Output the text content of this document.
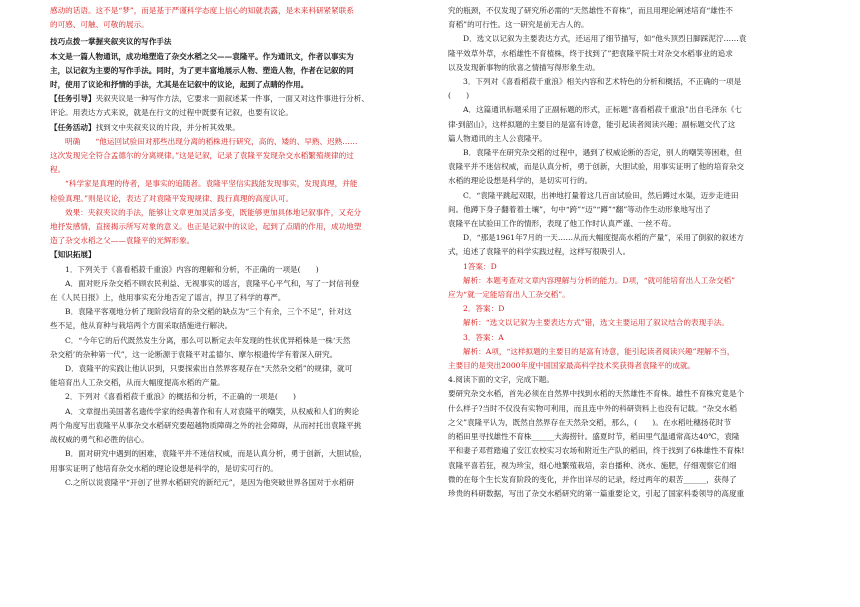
感动的话语。这不是“梦”，而是基于严谨科学态度上信心的知就表露，是未来科研紧紧联系

的可感、可触、可敬的展示。

技巧点拨一掌握夹叙夹议的写作手法

本文是一篇人物通讯，成功地塑造了杂交水稻之父——袁隆平。作为通讯文，作者以事实为

主，以记叙为主要的写作手法。同时，为了更丰富地展示人物、塑造人物，作者在记叙的同

时，使用了议论和抒情的手法，尤其是在记叙中的议论，起到了点睛的作用。

【任务引导】夹叙夹议是一种写作方法，它要求一面叙述某一件事，一面又对这件事进行分析、

评论。用表达方式来说，就是在行文的过程中既要有记叙，也要有议论。

【任务活动】找到文中夹叙夹议的片段，并分析其效果。

明确　　“他运回试验田对那些出现分离的稻株进行研究，高的、矮的、早熟、迟熟……

这次发现完全符合孟德尔的分离规律。”这是记叙，记录了袁隆平发现杂交水稻繁殖规律的过

程。

“科学家是真理的侍者，是事实的追随者。袁隆平坚信实践能发现事实，发现真理，并能

检验真理。”则是议论，表达了对袁隆平发现规律、践行真理的高度认可。

效果：夹叙夹议的手法，能够让文章更加灵活多变，既能够更加具体地记叙事件，又充分

地抒发感情，直接揭示所写对象的意义。也正是记叙中的议论，起到了点睛的作用，成功地塑

造了杂交水稻之父——袁隆平的光辉形象。

【知识拓展】

1．下列关于《喜看稻菽千重浪》内容的理解和分析，不正确的一项是(　　)

A．面对贬斥杂交稻不顾农民利益、无视事实的谣言，袁隆平心平气和，写了一封信刊登

在《人民日报》上，他用事实充分地否定了谣言，捍卫了科学的尊严。

B．袁隆平客观地分析了现阶段培育的杂交稻的缺点为“三个有余，三个不足”，针对这

些不足，他从育种与栽培两个方面采取措施进行解决。

C．“今年它的后代既然发生分离，那么可以断定去年发现的性状优异稻株是一株‘天然

杂交稻’的杂种第一代”，这一论断源于袁隆平对孟德尔、摩尔根遗传学有着深入研究。

D．袁隆平的实践让他认识到，只要探索出自然界客观存在“天然杂交稻”的规律，就可

能培育出人工杂交稻，从而大幅度提高水稻的产量。

2．下列对《喜看稻菽千重浪》的概括和分析，不正确的一项是(　　)

A．文章提出美国著名遗传学家的经典著作和有人对袁隆平的嘲笑，从权威和人们的舆论

两个角度写出袁隆平从事杂交水稻研究要超越物质障碍之外的社会障碍，从而衬托出袁隆平挑

战权威的勇气和必胜的信心。

B．面对研究中遇到的困难，袁隆平并不迷信权威，而是认真分析，勇于创新，大胆试验，

用事实证明了他培育杂交水稻的理论设想是科学的，是切实可行的。

C.之所以说袁隆平“开创了世界水稻研究的新纪元”，是因为他突破世界各国对于水稻研

究的瓶颈，不仅发现了研究所必需的“天然雄性不育株”，而且用理论阐述培育“雄性不

育稻”的可行性。这一研究是前无古人的。

D．选文以记叙为主要表达方式，还运用了细节描写，如“他头顶烈日脚踩泥泞……袁

隆平效草外草，水稻雄性不育植株，终于找到了”把袁隆平院士对杂交水稻事业的追求

以及发现新事物的欣喜之情描写得形象生动。

3．下列对《喜看稻菽千重浪》相关内容和艺术特色的分析和概括，不正确的一项是

(　　)

A．这篇通讯标题采用了正副标题的形式，正标题“喜看稻菽千重浪”出自毛泽东《七

律·到韶山》，这样拟题的主要目的是富有诗意，能引起读者阅读兴趣；副标题交代了这

篇人物通讯的主人公袁隆平。

B．袁隆平在研究杂交稻的过程中，遇到了权威论断的否定，别人的嘲笑等困难，但

袁隆平并不迷信权威，而是认真分析，勇于创新，大胆试验，用事实证明了他的培育杂交

水稻的理论设想是科学的，是切实可行的。

C．“袁隆平跳起双眼，出神地打量着这几百亩试验田，然后蹲过水渠，迈步走进田

间。他蹲下身子翻着着土壤”，句中“跨”“迈”“蹲”“翻”等动作生动形象地写出了

袁隆平在试验田工作的情形，表现了他工作时认真严谨、一丝不苟。

D．“那是1961年7月的一天……从而大幅度提高水稻的产量”，采用了倒叙的叙述方

式，追述了袁隆平的科学实践过程，这样写很吸引人。

1答案：D

解析：本题考查对文章内容理解与分析的能力。D项，“就可能培育出人工杂交稻”

应为“就一定能培育出人工杂交稻”。

2．答案：D

解析：“选文以记叙为主要表达方式”错，选文主要运用了叙议结合的表现手法。

3．答案：A

解析：A项，“这样拟题的主要目的是富有诗意，能引起读者阅读兴趣”理解不当，

主要目的是突出2000年度中国国家最高科学技术奖获得者袁隆平的成就。

4.阅读下面的文字，完成下题。

要研究杂交水稻，首先必须在自然界中找到水稻的天然雄性不育株。雄性不育株究竟是个

什么样子?当时不仅没有实物可利用，而且连中外的科研资料上也没有记载。“杂交水稻

之父”袁隆平认为，既然自然界存在天然杂交稻，那么，(　　)。在水稻吐穗扬花时节

的稻田里寻找雄性不育株______大海捞针。盛夏时节，稻田里气温通常高达40℃，袁隆

平和妻子邓哲踏遍了安江农校实习农场和附近生产队的稻田，终于找到了6株雄性不育株!

袁隆平喜若狂，视为珍宝，细心地繁殖栽培，亲自播种、浇水、施肥，仔细观察它们细

微的在每个生长发育阶段的变化，并作出详尽的记录，经过两年的艰苦______，获得了

珍贵的科研数据，写出了杂交水稻研究的第一篇重要论文，引起了国家科委领导的高度重
